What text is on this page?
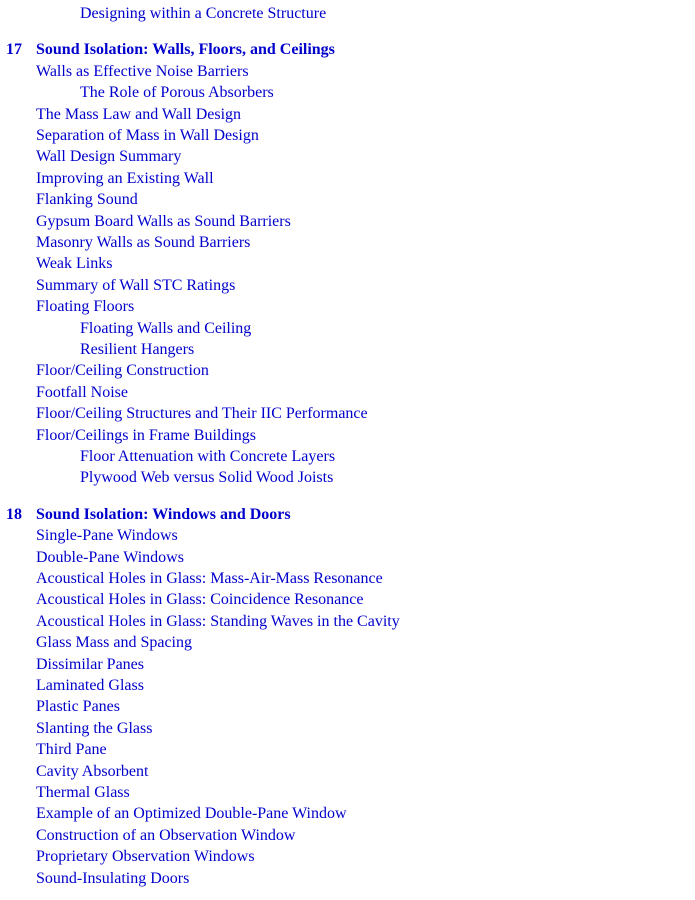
Designing within a Concrete Structure
17 Sound Isolation: Walls, Floors, and Ceilings
Walls as Effective Noise Barriers
The Role of Porous Absorbers
The Mass Law and Wall Design
Separation of Mass in Wall Design
Wall Design Summary
Improving an Existing Wall
Flanking Sound
Gypsum Board Walls as Sound Barriers
Masonry Walls as Sound Barriers
Weak Links
Summary of Wall STC Ratings
Floating Floors
Floating Walls and Ceiling
Resilient Hangers
Floor/Ceiling Construction
Footfall Noise
Floor/Ceiling Structures and Their IIC Performance
Floor/Ceilings in Frame Buildings
Floor Attenuation with Concrete Layers
Plywood Web versus Solid Wood Joists
18 Sound Isolation: Windows and Doors
Single-Pane Windows
Double-Pane Windows
Acoustical Holes in Glass: Mass-Air-Mass Resonance
Acoustical Holes in Glass: Coincidence Resonance
Acoustical Holes in Glass: Standing Waves in the Cavity
Glass Mass and Spacing
Dissimilar Panes
Laminated Glass
Plastic Panes
Slanting the Glass
Third Pane
Cavity Absorbent
Thermal Glass
Example of an Optimized Double-Pane Window
Construction of an Observation Window
Proprietary Observation Windows
Sound-Insulating Doors
